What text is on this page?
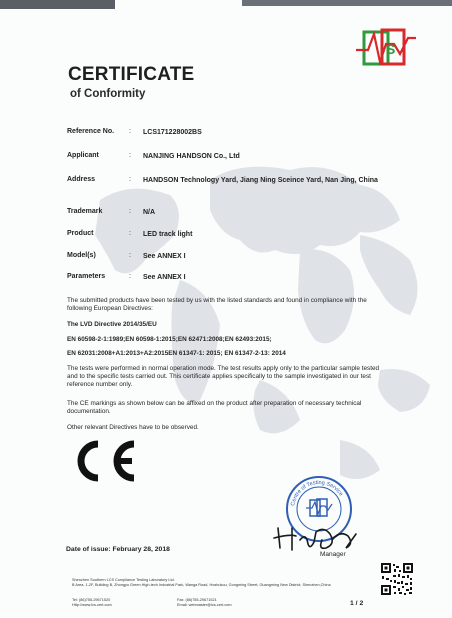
S
CERTIFICATE
of Conformity
Reference No.	: LCS171228002BS
Applicant	: NANJING HANDSON Co., Ltd
Address	: HANDSON Technology Yard, Jiang Ning Sceince Yard, Nan Jing, China
Trademark	: N/A
Product	: LED track light
Model(s)	: See ANNEX I
Parameters	: See ANNEX I
The submitted products have been tested by us with the listed standards and found in compliance with the following European Directives:
The LVD Directive 2014/35/EU
EN 60598-2-1:1989;EN 60598-1:2015;EN 62471:2008;EN 62493:2015;
EN 62031:2008+A1:2013+A2:2015EN 61347-1: 2015; EN 61347-2-13: 2014
The tests were performed in normal operation mode. The test results apply only to the particular sample tested and to the specific tests carried out. This certificate applies specifically to the sample investigated in our test reference number only.
The CE markings as shown below can be affixed on the product after preparation of necessary technical documentation.
Other relevant Directives have to be observed.
Centre of Testing Service
Manager
Date of issue: February 28, 2018
Shenzhen Southern LCS Compliance Testing Laboratory Ltd.
B Area, 1-2F, Building B, Zhongyu Green High-tech Industrial Park, Wanga Road, Hoshukou, Gongming Street, Guangming New District, Shenzhen,China
Tel: (86)755-29671520	Fax: (86)755-29671521
Http://www.lcs-cert.com	Email: webmaster@lcs-cert.com	1 / 2
